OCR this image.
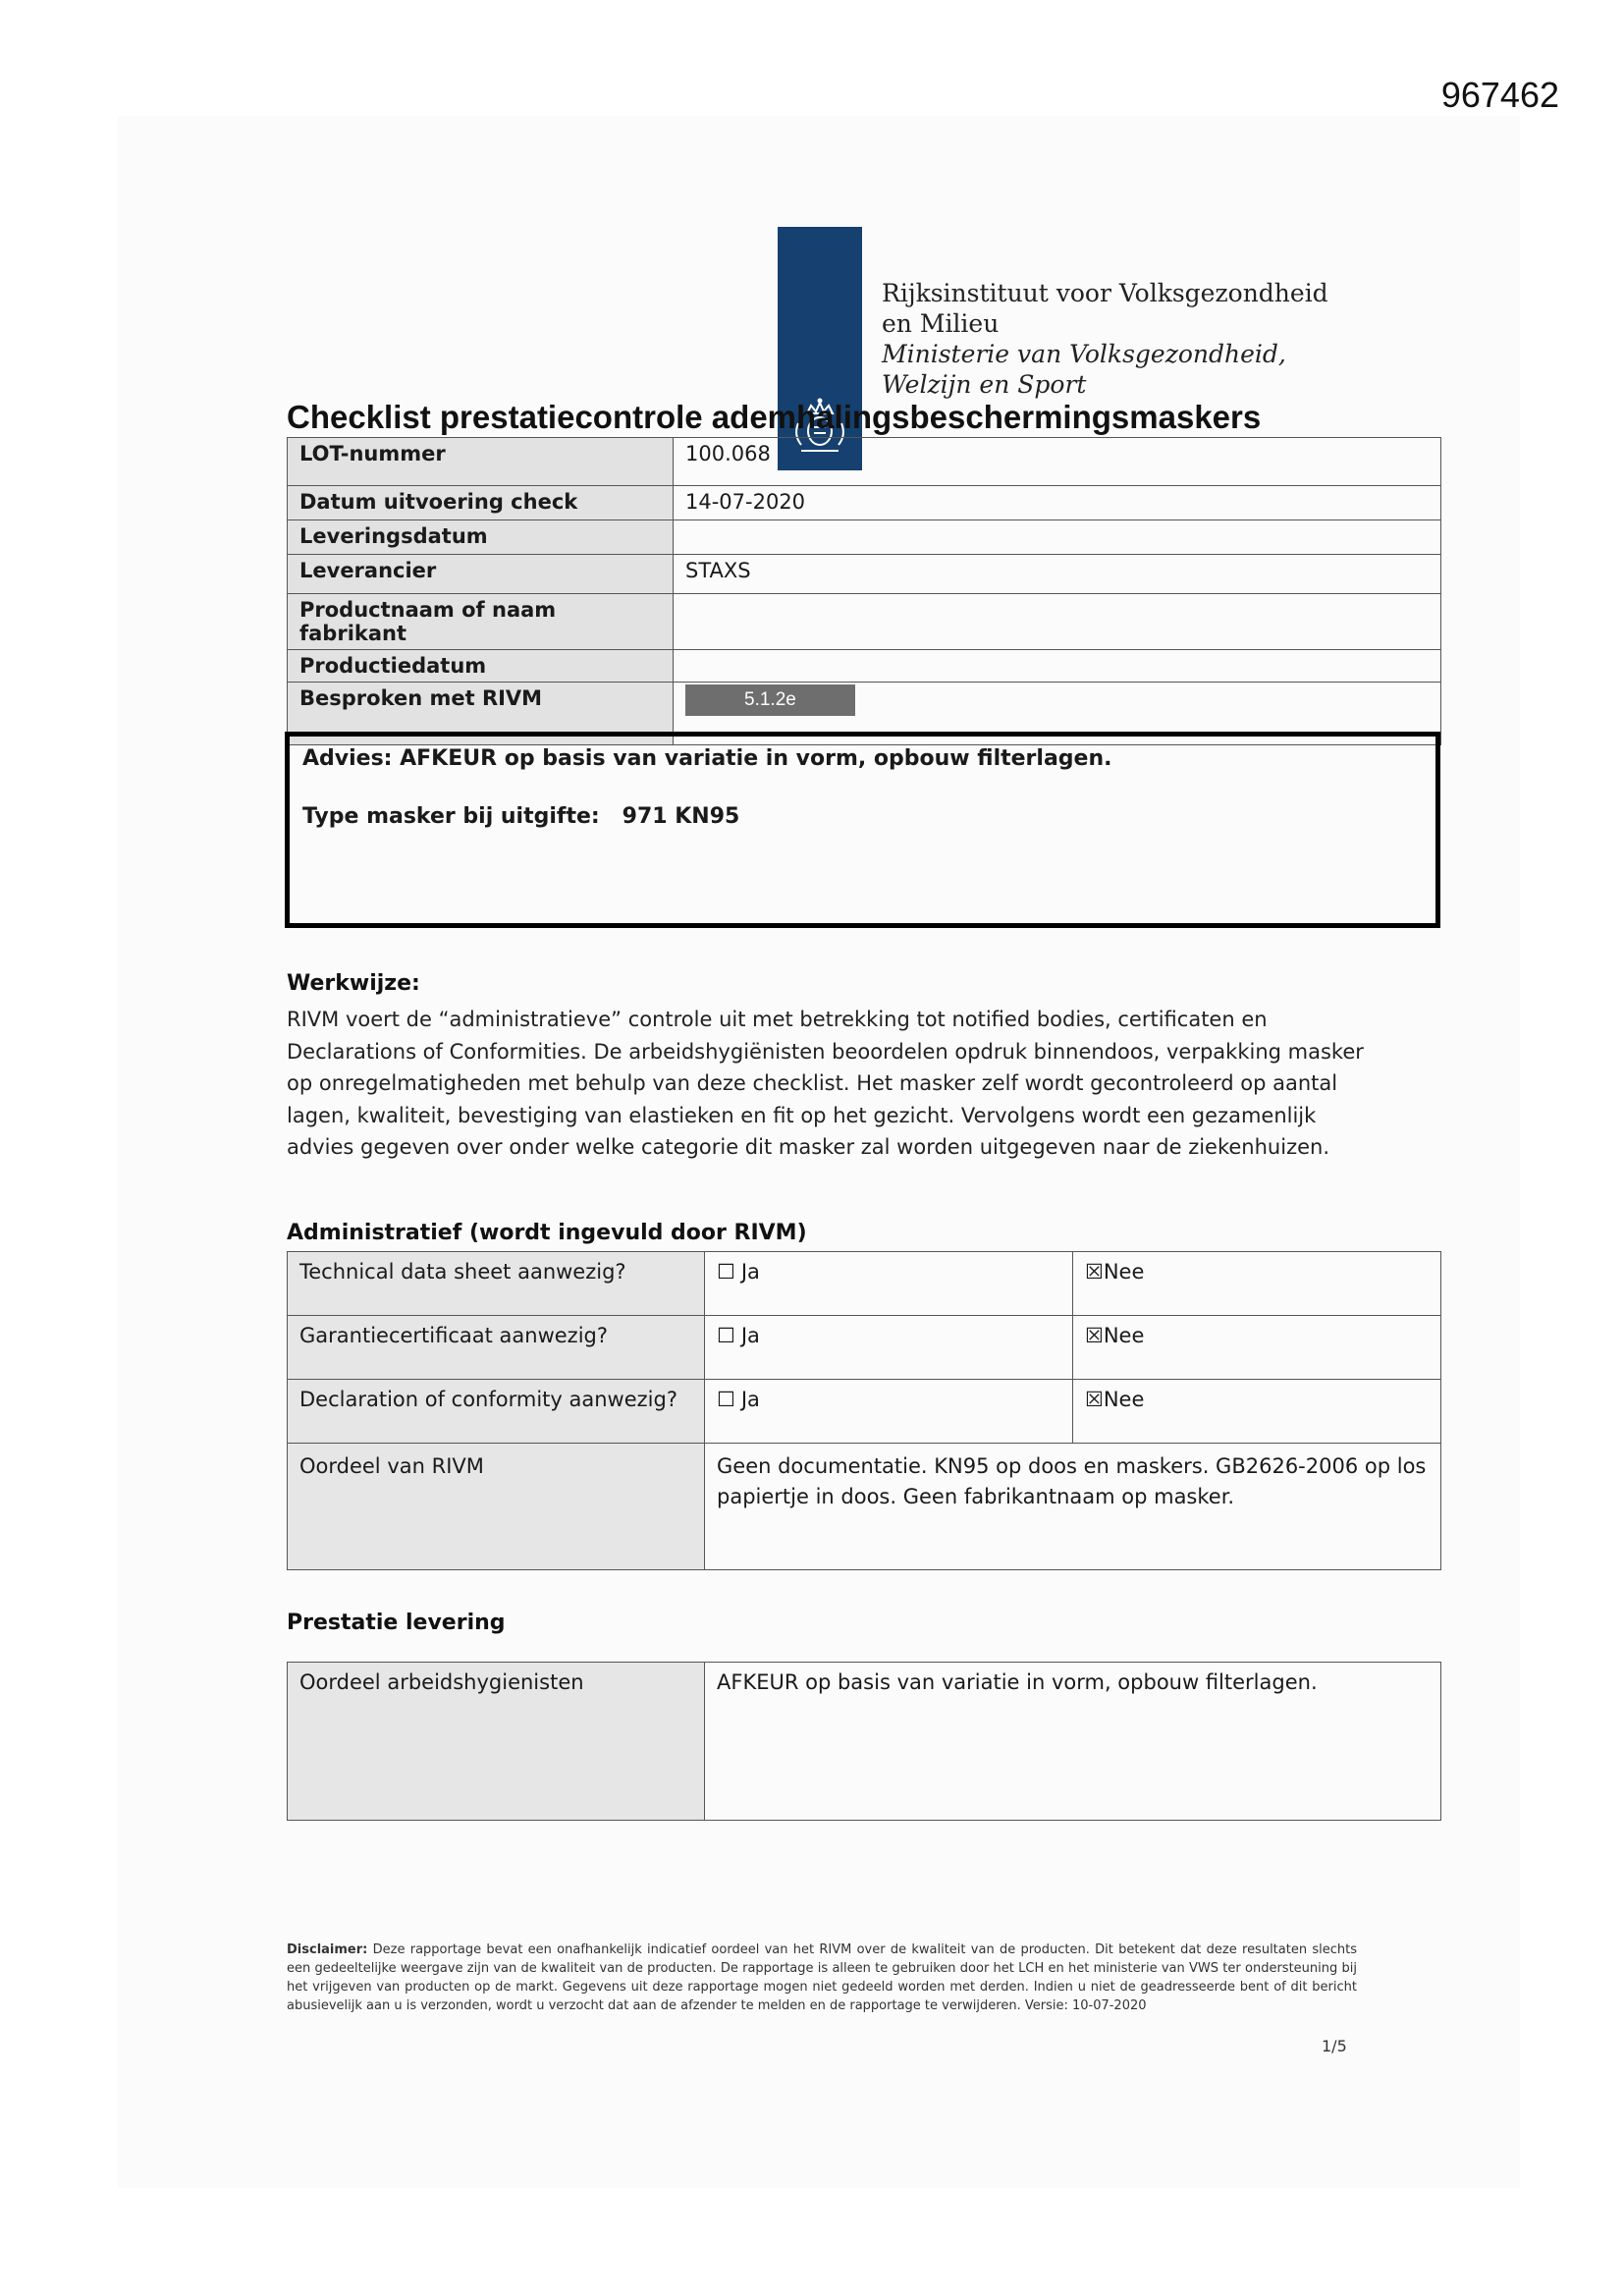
967462
Rijksinstituut voor Volksgezondheid
en Milieu
Ministerie van Volksgezondheid,
Welzijn en Sport
Checklist prestatiecontrole ademhalingsbeschermingsmaskers
LOT-nummer	100.068
Datum uitvoering check	14-07-2020
Leveringsdatum	
Leverancier	STAXS
Productnaam of naam fabrikant	
Productiedatum	
Besproken met RIVM	5.1.2e

Advies: AFKEUR op basis van variatie in vorm, opbouw filterlagen.

Type masker bij uitgifte:   971 KN95

Werkwijze:
RIVM voert de “administratieve” controle uit met betrekking tot notified bodies, certificaten en Declarations of Conformities. De arbeidshygiënisten beoordelen opdruk binnendoos, verpakking masker op onregelmatigheden met behulp van deze checklist. Het masker zelf wordt gecontroleerd op aantal lagen, kwaliteit, bevestiging van elastieken en fit op het gezicht. Vervolgens wordt een gezamenlijk advies gegeven over onder welke categorie dit masker zal worden uitgegeven naar de ziekenhuizen.
Administratief (wordt ingevuld door RIVM)
Technical data sheet aanwezig?	☐ Ja	☒Nee
Garantiecertificaat aanwezig?	☐ Ja	☒Nee
Declaration of conformity aanwezig?	☐ Ja	☒Nee
Oordeel van RIVM	Geen documentatie. KN95 op doos en maskers. GB2626-2006 op los papiertje in doos. Geen fabrikantnaam op masker.	
Prestatie levering
Oordeel arbeidshygienisten	AFKEUR op basis van variatie in vorm, opbouw filterlagen.
Disclaimer: Deze rapportage bevat een onafhankelijk indicatief oordeel van het RIVM over de kwaliteit van de producten. Dit betekent dat deze resultaten slechts een gedeeltelijke weergave zijn van de kwaliteit van de producten. De rapportage is alleen te gebruiken door het LCH en het ministerie van VWS ter ondersteuning bij het vrijgeven van producten op de markt. Gegevens uit deze rapportage mogen niet gedeeld worden met derden. Indien u niet de geadresseerde bent of dit bericht abusievelijk aan u is verzonden, wordt u verzocht dat aan de afzender te melden en de rapportage te verwijderen. Versie: 10-07-2020
1/5
